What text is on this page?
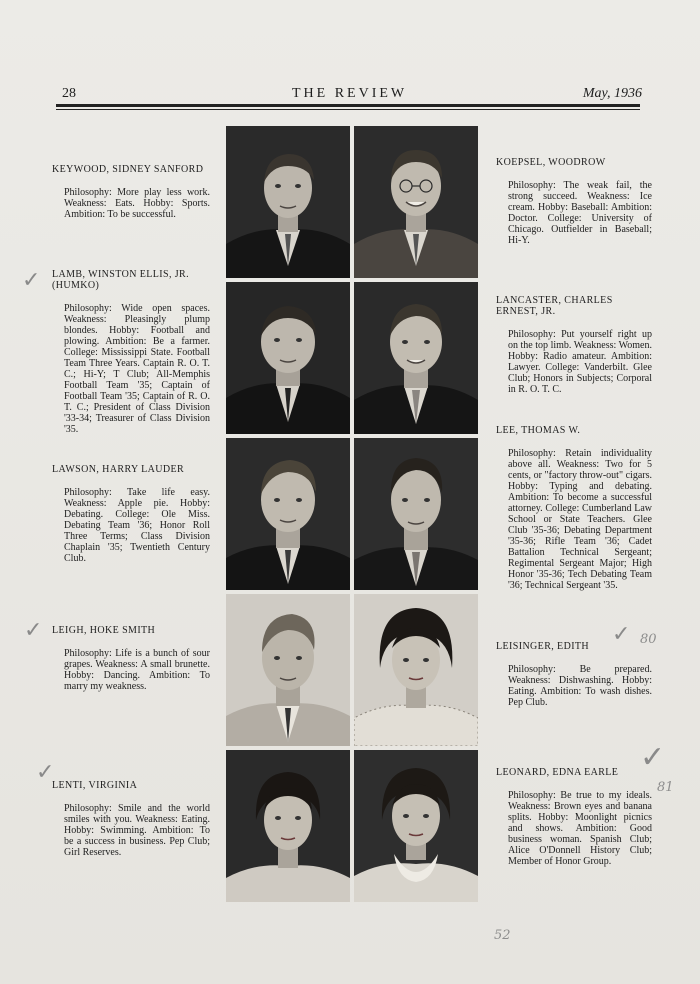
28	THE REVIEW	May, 1936
KEYWOOD, SIDNEY SANFORD
Philosophy: More play less work. Weakness: Eats. Hobby: Sports. Ambition: To be successful.
LAMB, WINSTON ELLIS, JR. (HUMKO)
Philosophy: Wide open spaces. Weakness: Pleasingly plump blondes. Hobby: Football and plowing. Ambition: Be a farmer. College: Mississippi State. Football Team Three Years. Captain R. O. T. C.; Hi-Y; T Club; All-Memphis Football Team '35; Captain of Football Team '35; Captain of R. O. T. C.; President of Class Division '33-34; Treasurer of Class Division '35.
LAWSON, HARRY LAUDER
Philosophy: Take life easy. Weakness: Apple pie. Hobby: Debating. College: Ole Miss. Debating Team '36; Honor Roll Three Terms; Class Division Chaplain '35; Twentieth Century Club.
LEIGH, HOKE SMITH
Philosophy: Life is a bunch of sour grapes. Weakness: A small brunette. Hobby: Dancing. Ambition: To marry my weakness.
LENTI, VIRGINIA
Philosophy: Smile and the world smiles with you. Weakness: Eating. Hobby: Swimming. Ambition: To be a success in business. Pep Club; Girl Reserves.
KOEPSEL, WOODROW
Philosophy: The weak fail, the strong succeed. Weakness: Ice cream. Hobby: Baseball: Ambition: Doctor. College: University of Chicago. Outfielder in Baseball; Hi-Y.
LANCASTER, CHARLES ERNEST, JR.
Philosophy: Put yourself right up on the top limb. Weakness: Women. Hobby: Radio amateur. Ambition: Lawyer. College: Vanderbilt. Glee Club; Honors in Subjects; Corporal in R. O. T. C.
LEE, THOMAS W.
Philosophy: Retain individuality above all. Weakness: Two for 5 cents, or "factory throw-out" cigars. Hobby: Typing and debating. Ambition: To become a successful attorney. College: Cumberland Law School or State Teachers. Glee Club '35-36; Debating Department '35-36; Rifle Team '36; Cadet Battalion Technical Sergeant; Regimental Sergeant Major; High Honor '35-36; Tech Debating Team '36; Technical Sergeant '35.
LEISINGER, EDITH
Philosophy: Be prepared. Weakness: Dishwashing. Hobby: Eating. Ambition: To wash dishes. Pep Club.
LEONARD, EDNA EARLE
Philosophy: Be true to my ideals. Weakness: Brown eyes and banana splits. Hobby: Moonlight picnics and shows. Ambition: Good business woman. Spanish Club; Alice O'Donnell History Club; Member of Honor Group.
✓
✓
✓
✓
✓
80
81
52
